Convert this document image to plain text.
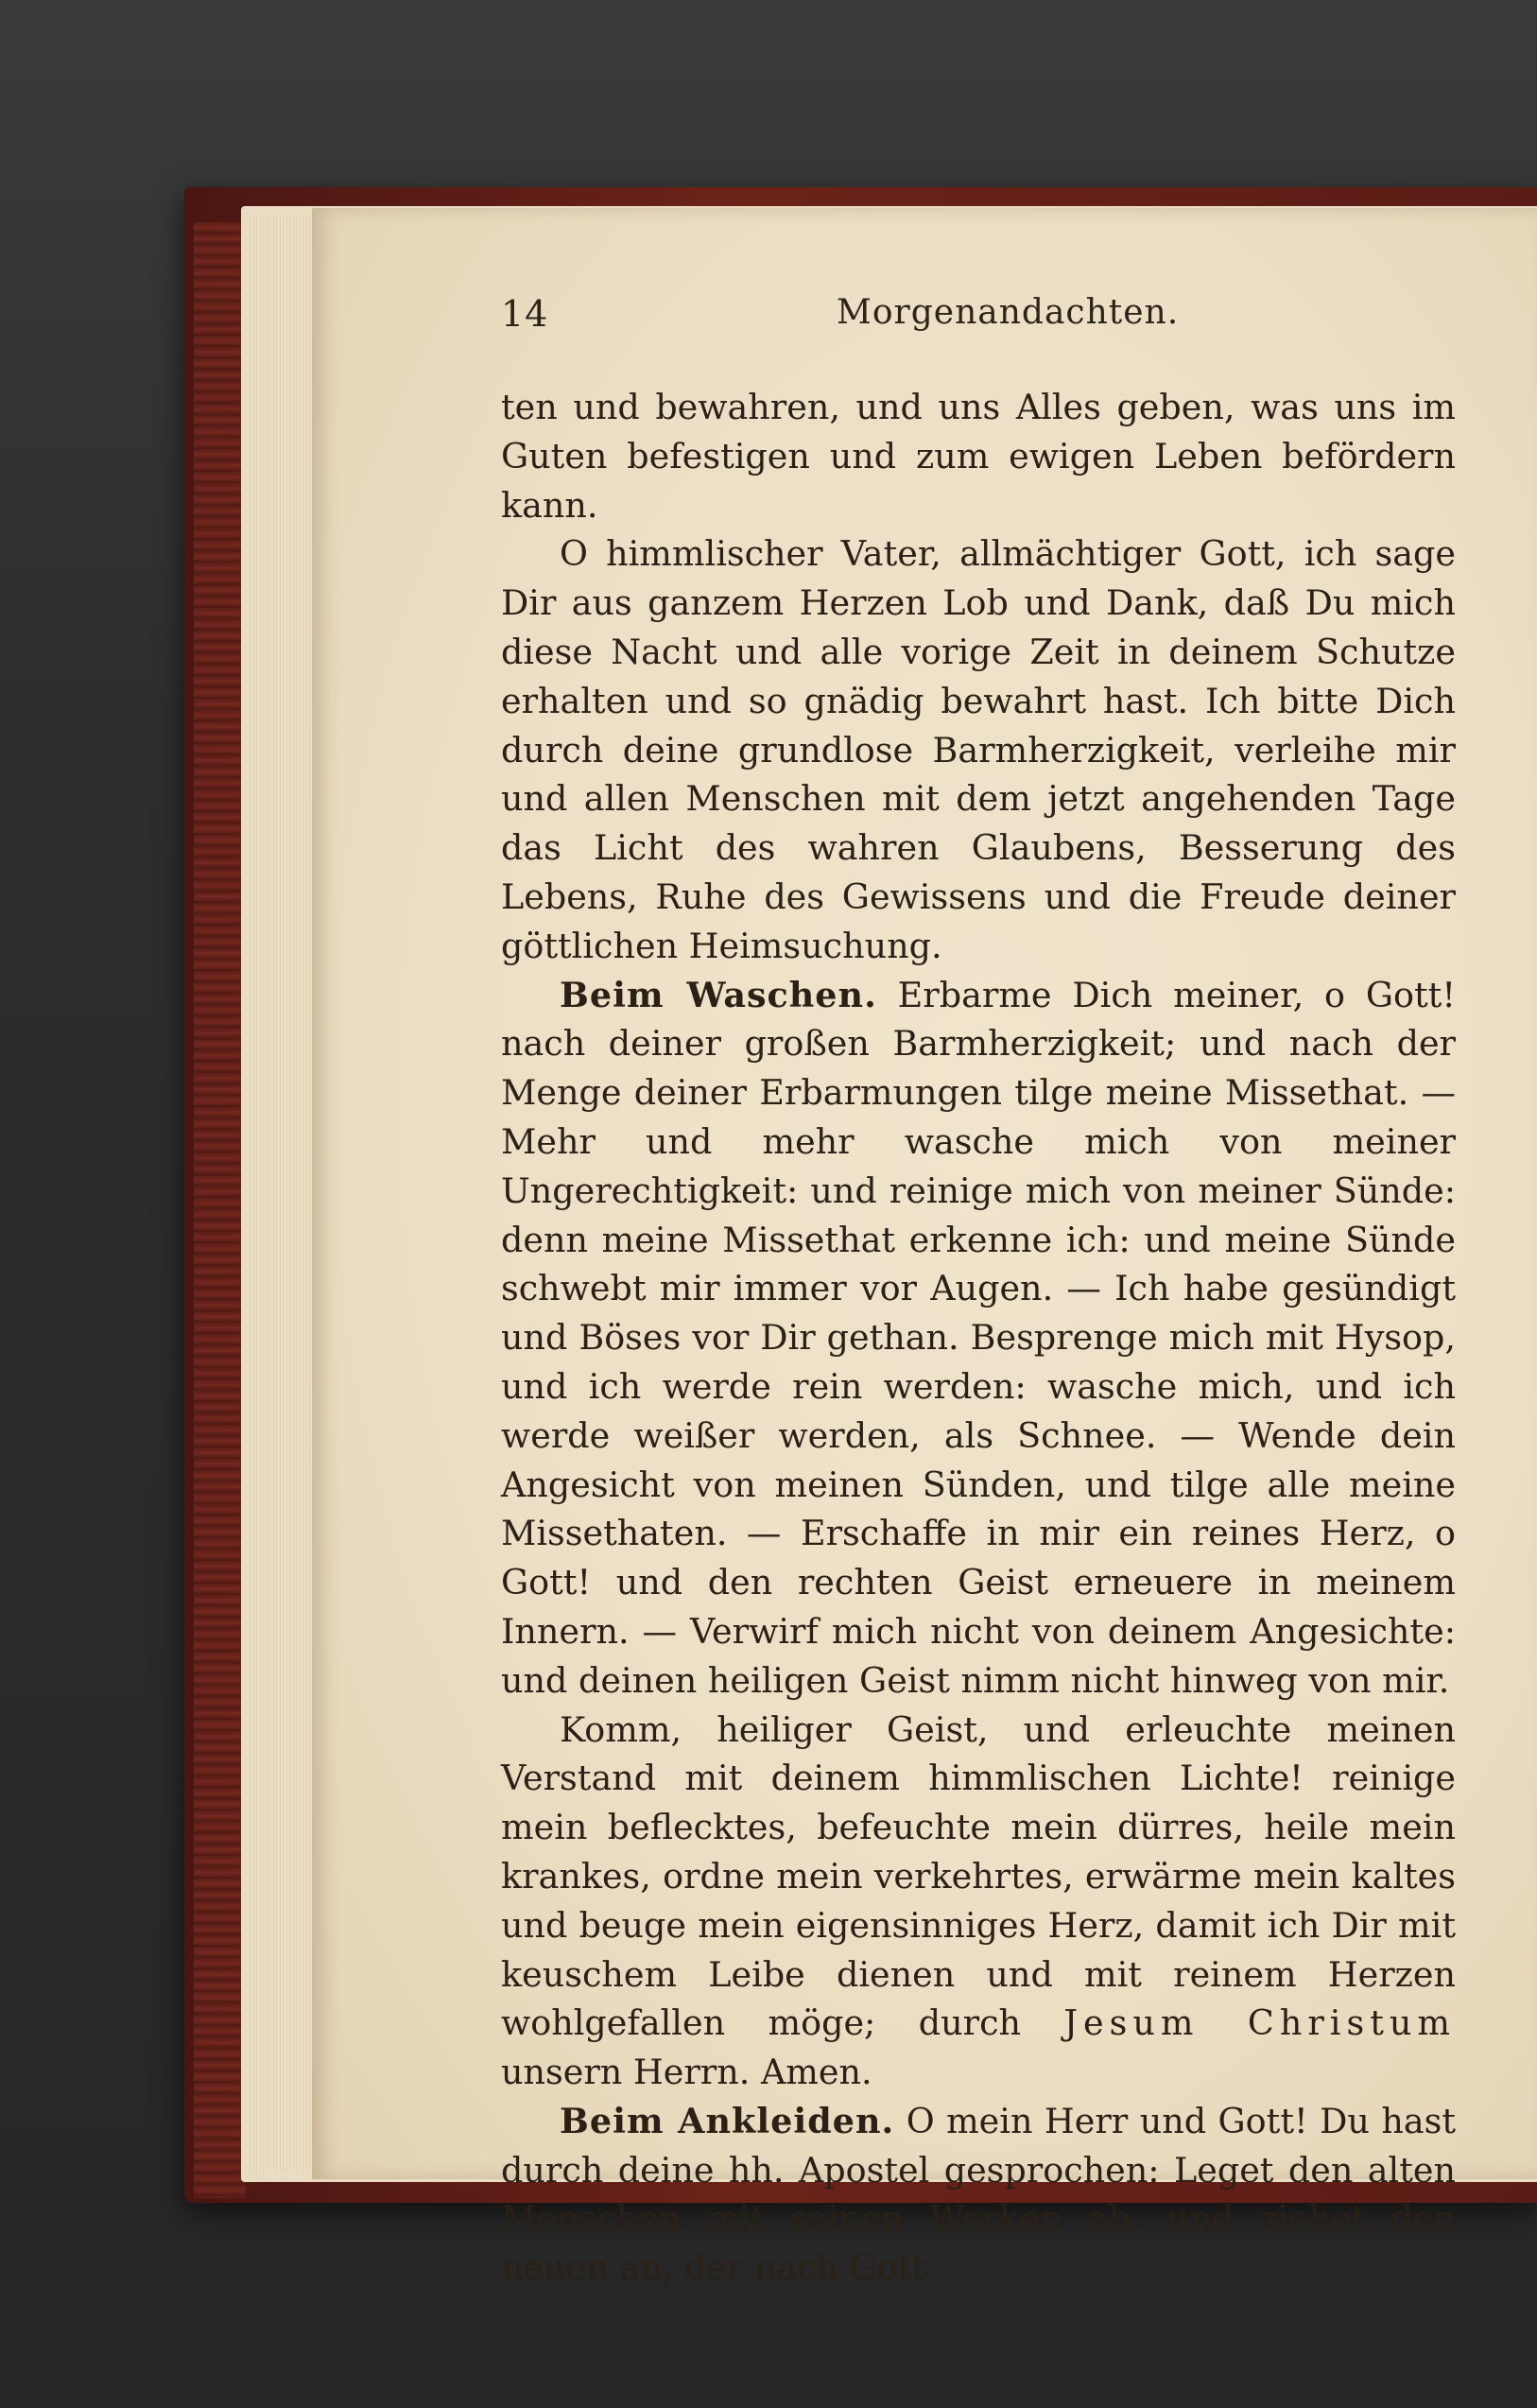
14	Morgenandachten.

ten und bewahren, und uns Alles geben, was uns im Guten befestigen und zum ewigen Leben befördern kann.

O himmlischer Vater, allmächtiger Gott, ich sage Dir aus ganzem Herzen Lob und Dank, daß Du mich diese Nacht und alle vorige Zeit in deinem Schutze erhalten und so gnädig bewahrt hast. Ich bitte Dich durch deine grundlose Barmherzigkeit, verleihe mir und allen Menschen mit dem jetzt angehenden Tage das Licht des wahren Glaubens, Besserung des Lebens, Ruhe des Gewissens und die Freude deiner göttlichen Heimsuchung.

Beim Waschen. Erbarme Dich meiner, o Gott! nach deiner großen Barmherzigkeit; und nach der Menge deiner Erbarmungen tilge meine Missethat. — Mehr und mehr wasche mich von meiner Ungerechtigkeit: und reinige mich von meiner Sünde: denn meine Missethat erkenne ich: und meine Sünde schwebt mir immer vor Augen. — Ich habe gesündigt und Böses vor Dir gethan. Besprenge mich mit Hysop, und ich werde rein werden: wasche mich, und ich werde weißer werden, als Schnee. — Wende dein Angesicht von meinen Sünden, und tilge alle meine Missethaten. — Erschaffe in mir ein reines Herz, o Gott! und den rechten Geist erneuere in meinem Innern. — Verwirf mich nicht von deinem Angesichte: und deinen heiligen Geist nimm nicht hinweg von mir.

Komm, heiliger Geist, und erleuchte meinen Verstand mit deinem himmlischen Lichte! reinige mein beflecktes, befeuchte mein dürres, heile mein krankes, ordne mein verkehrtes, erwärme mein kaltes und beuge mein eigensinniges Herz, damit ich Dir mit keuschem Leibe dienen und mit reinem Herzen wohlgefallen möge; durch Jesum Christum unsern Herrn. Amen.

Beim Ankleiden. O mein Herr und Gott! Du hast durch deine hh. Apostel gesprochen: Leget den alten Menschen mit seinen Werken ab, und ziehet den neuen an, der nach Gott
